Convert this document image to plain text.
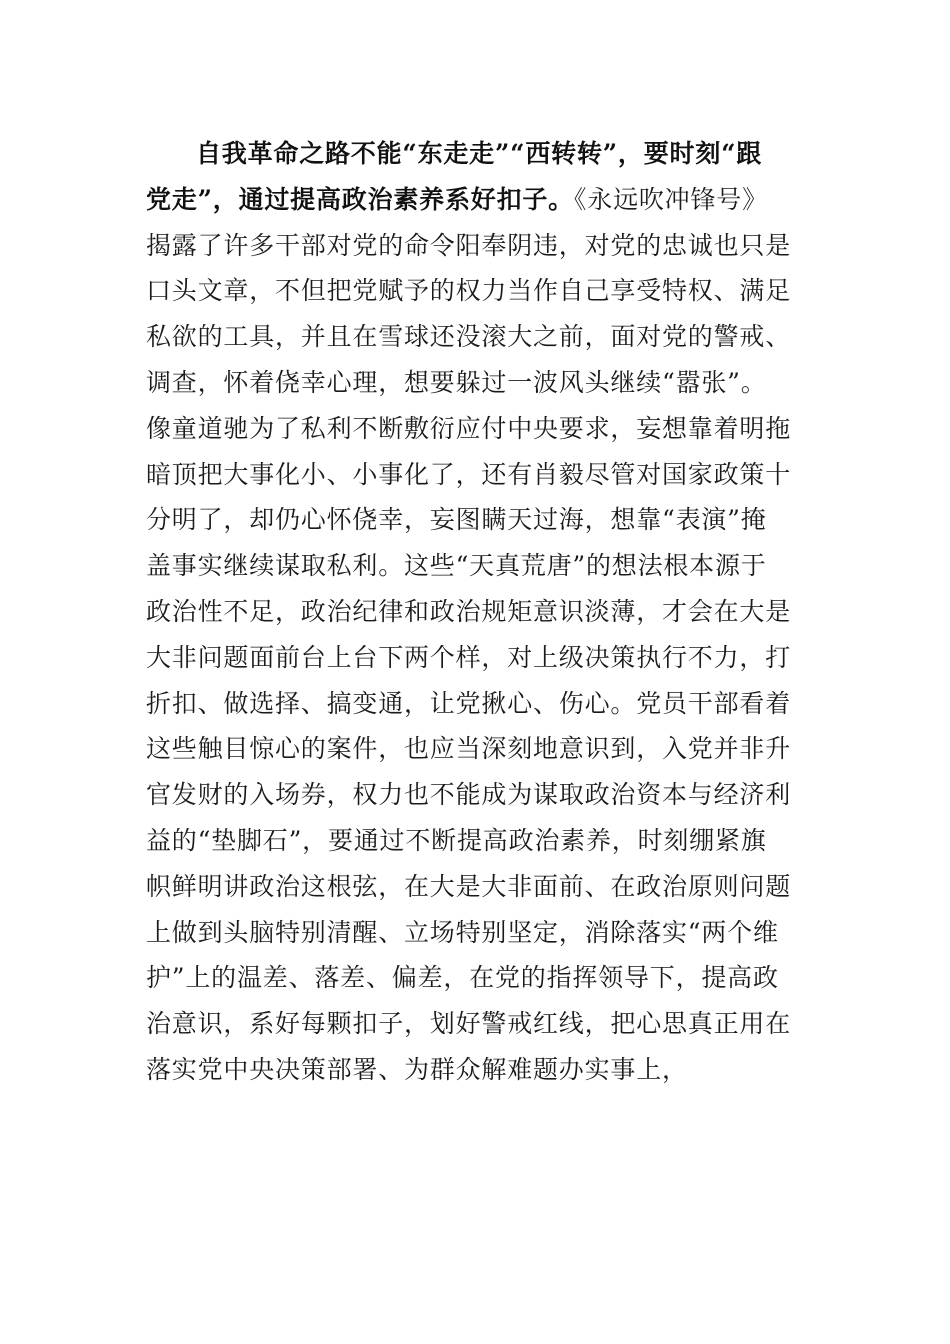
自我革命之路不能“东走走”“西转转”，要时刻“跟
党走”，通过提高政治素养系好扣子。《永远吹冲锋号》
揭露了许多干部对党的命令阳奉阴违，对党的忠诚也只是
口头文章，不但把党赋予的权力当作自己享受特权、满足
私欲的工具，并且在雪球还没滚大之前，面对党的警戒、
调查，怀着侥幸心理，想要躲过一波风头继续“嚣张”。
像童道驰为了私利不断敷衍应付中央要求，妄想靠着明拖
暗顶把大事化小、小事化了，还有肖毅尽管对国家政策十
分明了，却仍心怀侥幸，妄图瞒天过海，想靠“表演”掩
盖事实继续谋取私利。这些“天真荒唐”的想法根本源于
政治性不足，政治纪律和政治规矩意识淡薄，才会在大是
大非问题面前台上台下两个样，对上级决策执行不力，打
折扣、做选择、搞变通，让党揪心、伤心。党员干部看着
这些触目惊心的案件，也应当深刻地意识到，入党并非升
官发财的入场券，权力也不能成为谋取政治资本与经济利
益的“垫脚石”，要通过不断提高政治素养，时刻绷紧旗
帜鲜明讲政治这根弦，在大是大非面前、在政治原则问题
上做到头脑特别清醒、立场特别坚定，消除落实“两个维
护”上的温差、落差、偏差，在党的指挥领导下，提高政
治意识，系好每颗扣子，划好警戒红线，把心思真正用在
落实党中央决策部署、为群众解难题办实事上，
